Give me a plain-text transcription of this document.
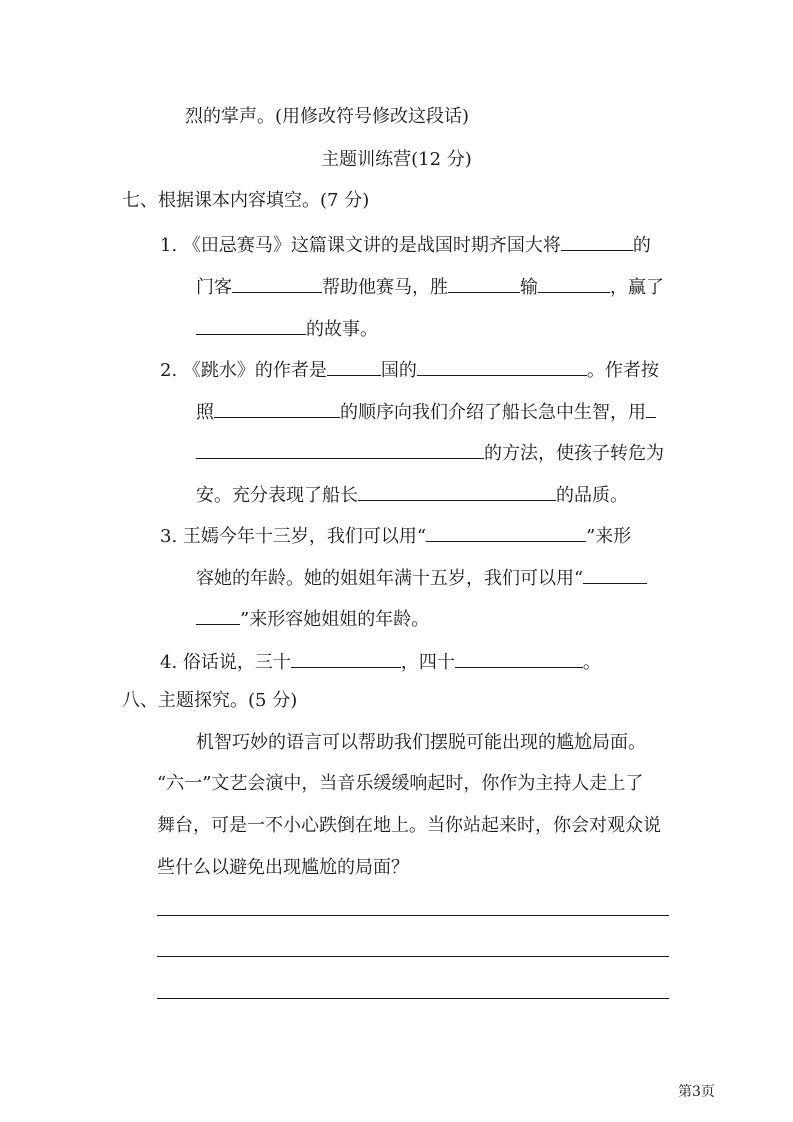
烈的掌声。(用修改符号修改这段话)
主题训练营(12 分)
七、根据课本内容填空。(7 分)
1. 《田忌赛马》这篇课文讲的是战国时期齐国大将	的
门客	帮助他赛马，胜	输	，赢了
的故事。
2. 《跳水》的作者是	国的	。作者按
照	的顺序向我们介绍了船长急中生智，用
的方法，使孩子转危为
安。充分表现了船长	的品质。
3. 王嫣今年十三岁，我们可以用“	”来形
容她的年龄。她的姐姐年满十五岁，我们可以用“
”来形容她姐姐的年龄。
4. 俗话说，三十	，四十	。
八、主题探究。(5 分)
机智巧妙的语言可以帮助我们摆脱可能出现的尴尬局面。
“六一”文艺会演中，当音乐缓缓响起时，你作为主持人走上了
舞台，可是一不小心跌倒在地上。当你站起来时，你会对观众说
些什么以避免出现尴尬的局面？
第3页
